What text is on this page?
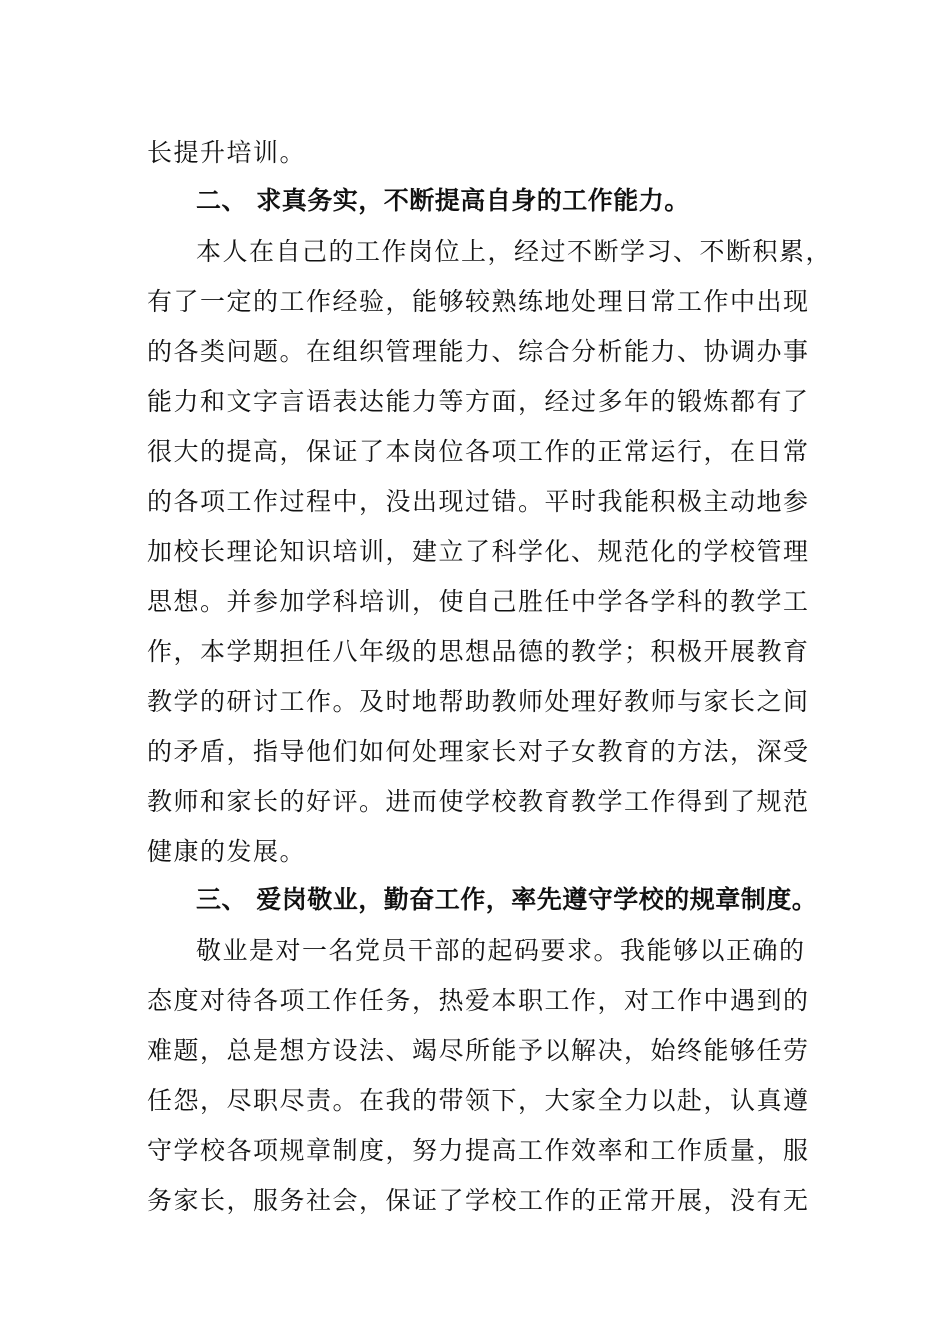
长提升培训。
二、 求真务实，不断提高自身的工作能力。
本人在自己的工作岗位上，经过不断学习、不断积累，
有了一定的工作经验，能够较熟练地处理日常工作中出现
的各类问题。在组织管理能力、综合分析能力、协调办事
能力和文字言语表达能力等方面，经过多年的锻炼都有了
很大的提高，保证了本岗位各项工作的正常运行，在日常
的各项工作过程中，没出现过错。平时我能积极主动地参
加校长理论知识培训，建立了科学化、规范化的学校管理
思想。并参加学科培训，使自己胜任中学各学科的教学工
作，本学期担任八年级的思想品德的教学；积极开展教育
教学的研讨工作。及时地帮助教师处理好教师与家长之间
的矛盾，指导他们如何处理家长对子女教育的方法，深受
教师和家长的好评。进而使学校教育教学工作得到了规范
健康的发展。
三、 爱岗敬业，勤奋工作，率先遵守学校的规章制度。
敬业是对一名党员干部的起码要求。我能够以正确的
态度对待各项工作任务，热爱本职工作，对工作中遇到的
难题，总是想方设法、竭尽所能予以解决，始终能够任劳
任怨，尽职尽责。在我的带领下，大家全力以赴，认真遵
守学校各项规章制度，努力提高工作效率和工作质量，服
务家长，服务社会，保证了学校工作的正常开展，没有无
